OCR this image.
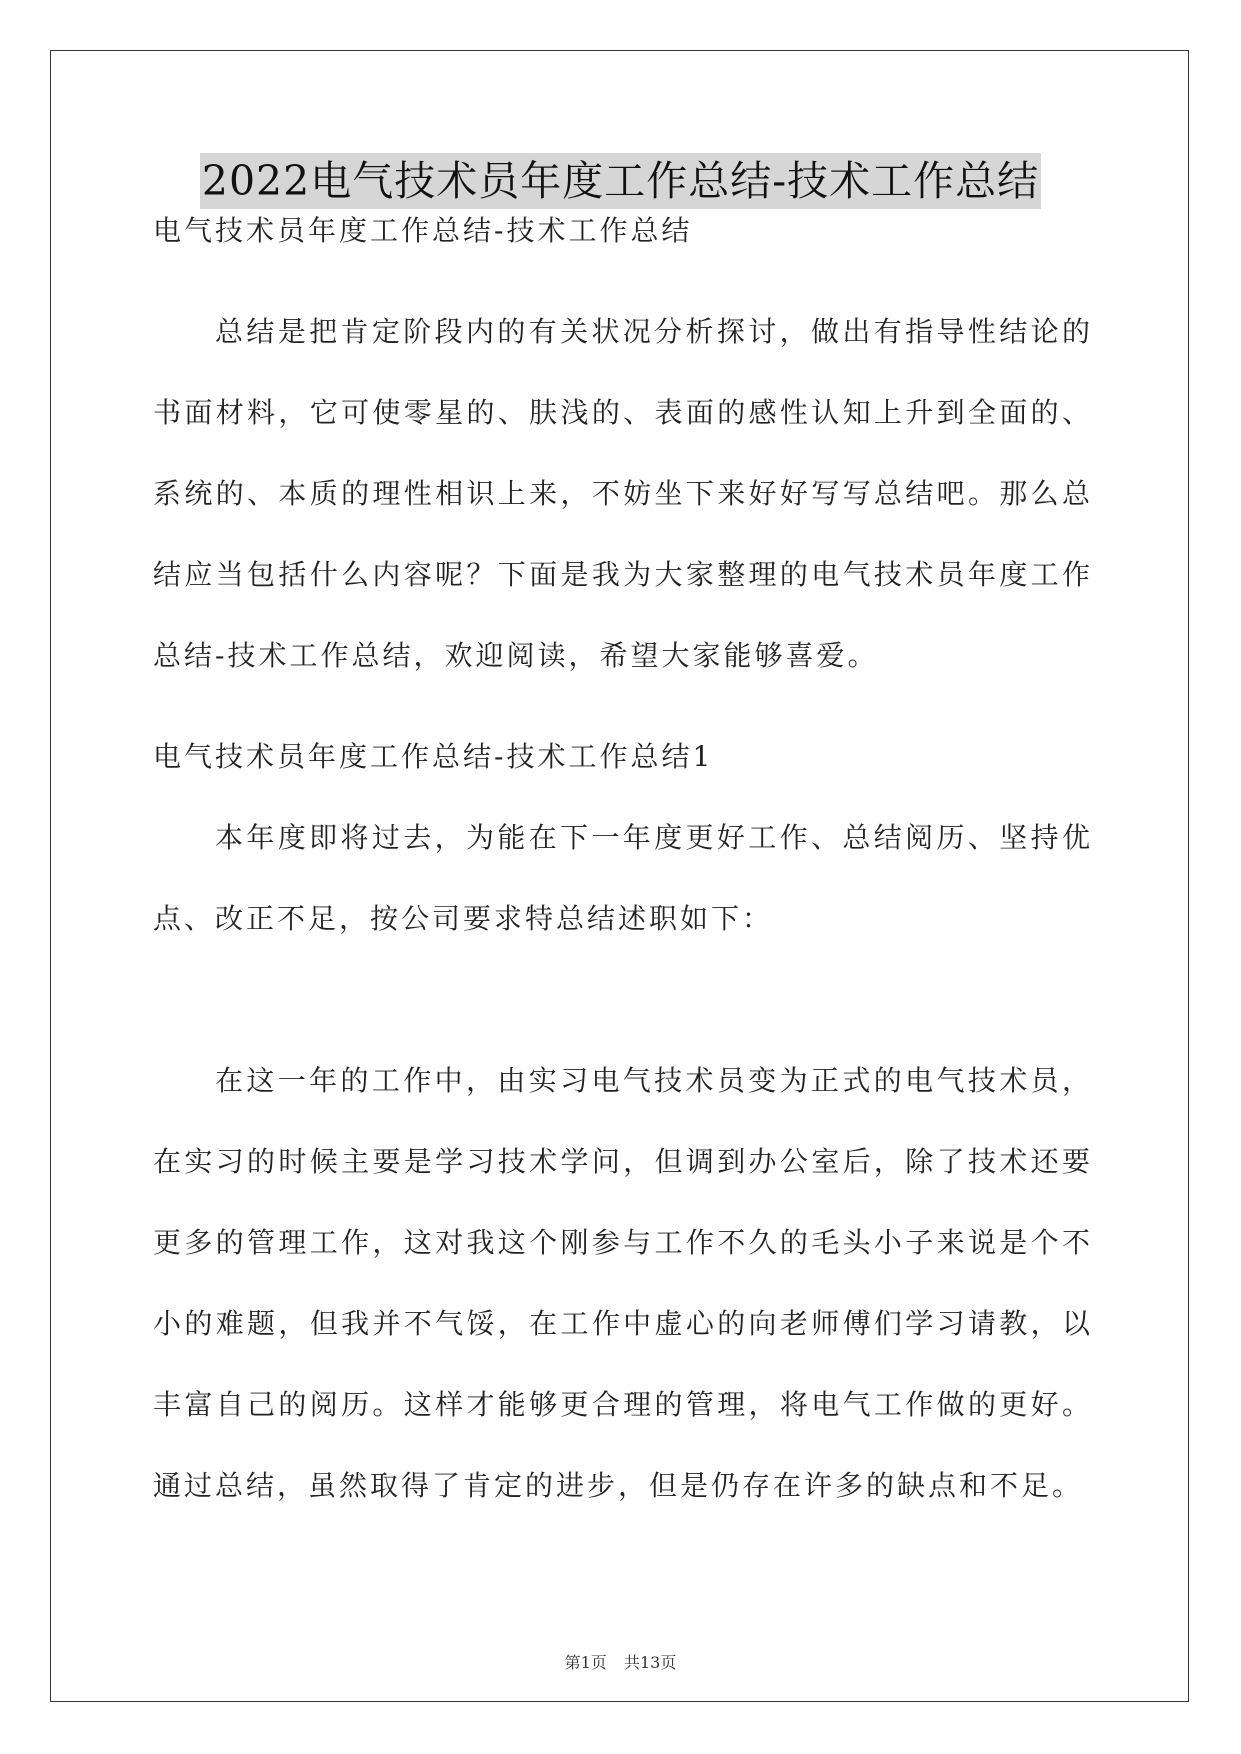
2022电气技术员年度工作总结-技术工作总结

电气技术员年度工作总结-技术工作总结

总结是把肯定阶段内的有关状况分析探讨，做出有指导性结论的书面材料，它可使零星的、肤浅的、表面的感性认知上升到全面的、系统的、本质的理性相识上来，不妨坐下来好好写写总结吧。那么总结应当包括什么内容呢？下面是我为大家整理的电气技术员年度工作总结-技术工作总结，欢迎阅读，希望大家能够喜爱。

电气技术员年度工作总结-技术工作总结1

本年度即将过去，为能在下一年度更好工作、总结阅历、坚持优点、改正不足，按公司要求特总结述职如下：

在这一年的工作中，由实习电气技术员变为正式的电气技术员，在实习的时候主要是学习技术学问，但调到办公室后，除了技术还要更多的管理工作，这对我这个刚参与工作不久的毛头小子来说是个不小的难题，但我并不气馁，在工作中虚心的向老师傅们学习请教，以丰富自己的阅历。这样才能够更合理的管理，将电气工作做的更好。通过总结，虽然取得了肯定的进步，但是仍存在许多的缺点和不足。

第1页 共13页
